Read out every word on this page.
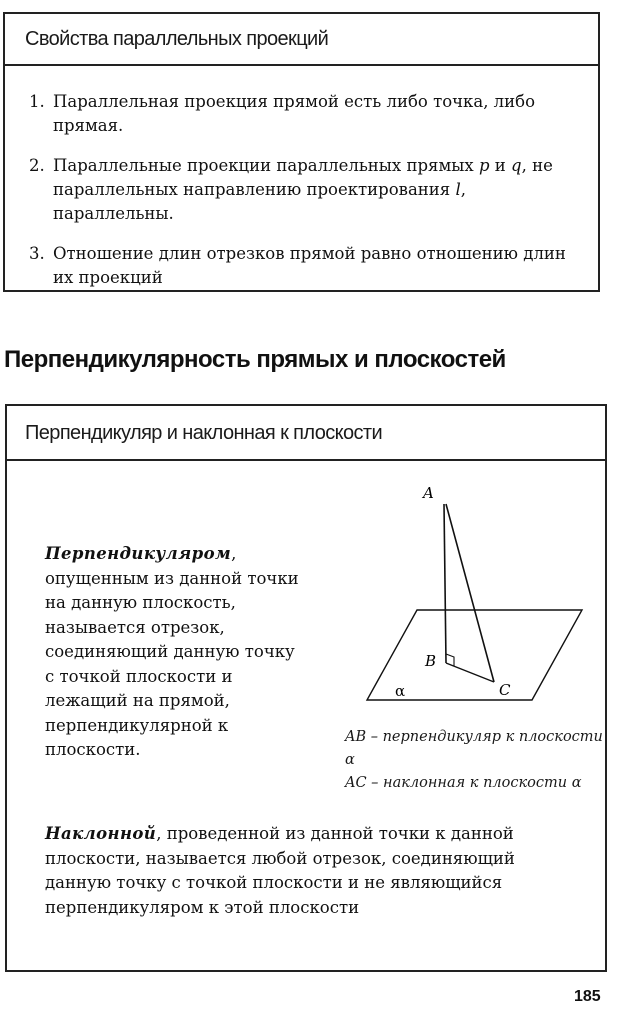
Свойства параллельных проекций
1. Параллельная проекция прямой есть либо точка, либо прямая.
2. Параллельные проекции параллельных прямых p и q, не параллельных направлению проектирования l, параллельны.
3. Отношение длин отрезков прямой равно отношению длин их проекций
Перпендикулярность прямых и плоскостей
Перпендикуляр и наклонная к плоскости
Перпендикуляром, опущенным из данной точки на данную плоскость, называется отрезок, соединяющий данную точку с точкой плоскости и лежащий на прямой, перпендикулярной к плоскости.
A
B
C
α
AB – перпендикуляр к плоскости α
AC – наклонная к плоскости α
Наклонной, проведенной из данной точки к данной плоскости, называется любой отрезок, соединяющий данную точку с точкой плоскости и не являющийся перпендикуляром к этой плоскости
185
